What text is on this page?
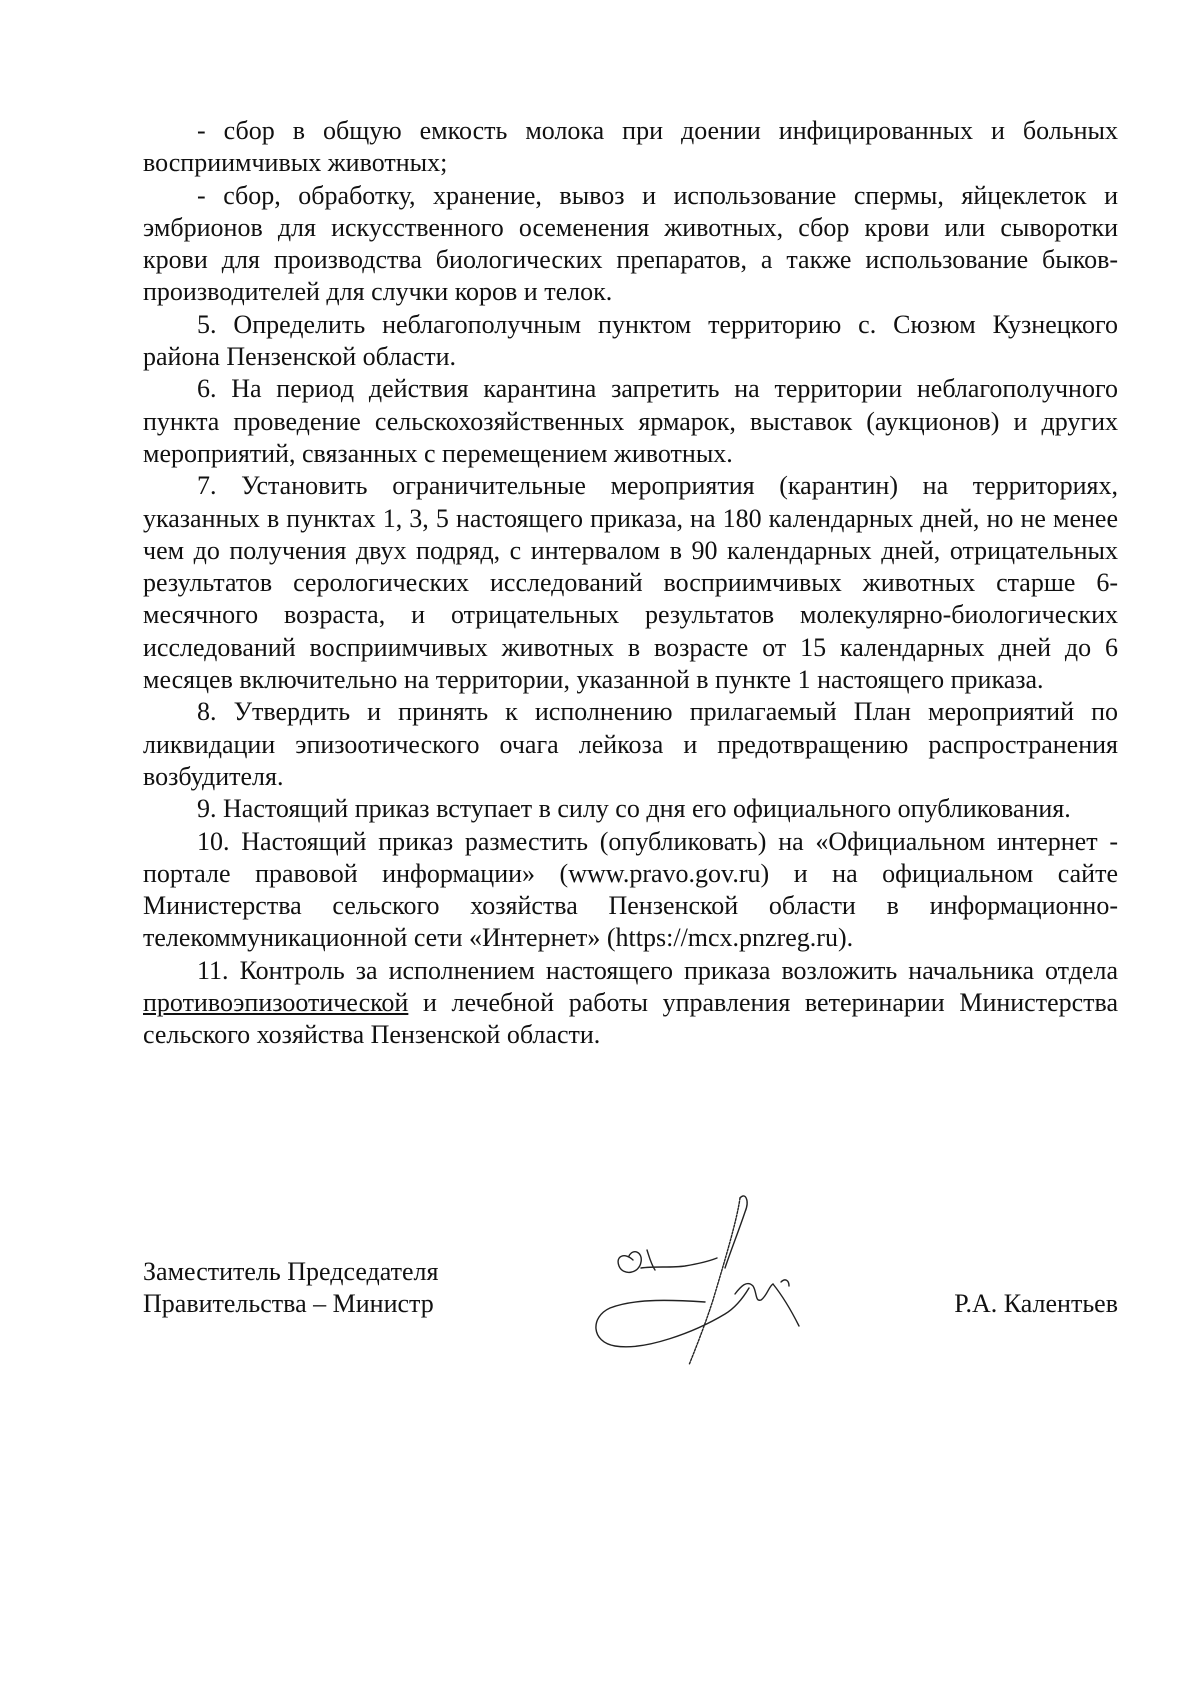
- сбор в общую емкость молока при доении инфицированных и больных восприимчивых животных;

- сбор, обработку, хранение, вывоз и использование спермы, яйцеклеток и эмбрионов для искусственного осеменения животных, сбор крови или сыворотки крови для производства биологических препаратов, а также использование быков-производителей для случки коров и телок.

5. Определить неблагополучным пунктом территорию с. Сюзюм Кузнецкого района Пензенской области.

6. На период действия карантина запретить на территории неблагополучного пункта проведение сельскохозяйственных ярмарок, выставок (аукционов) и других мероприятий, связанных с перемещением животных.

7. Установить ограничительные мероприятия (карантин) на территориях, указанных в пунктах 1, 3, 5 настоящего приказа, на 180 календарных дней, но не менее чем до получения двух подряд, с интервалом в 90 календарных дней, отрицательных результатов серологических исследований восприимчивых животных старше 6-месячного возраста, и отрицательных результатов молекулярно-биологических исследований восприимчивых животных в возрасте от 15 календарных дней до 6 месяцев включительно на территории, указанной в пункте 1 настоящего приказа.

8. Утвердить и принять к исполнению прилагаемый План мероприятий по ликвидации эпизоотического очага лейкоза и предотвращению распространения возбудителя.

9. Настоящий приказ вступает в силу со дня его официального опубликования.

10. Настоящий приказ разместить (опубликовать) на «Официальном интернет - портале правовой информации» (www.pravo.gov.ru) и на официальном сайте Министерства сельского хозяйства Пензенской области в информационно-телекоммуникационной сети «Интернет» (https://mcx.pnzreg.ru).

11. Контроль за исполнением настоящего приказа возложить начальника отдела противоэпизоотической и лечебной работы управления ветеринарии Министерства сельского хозяйства Пензенской области.

Заместитель Председателя
Правительства – Министр	Р.А. Калентьев
